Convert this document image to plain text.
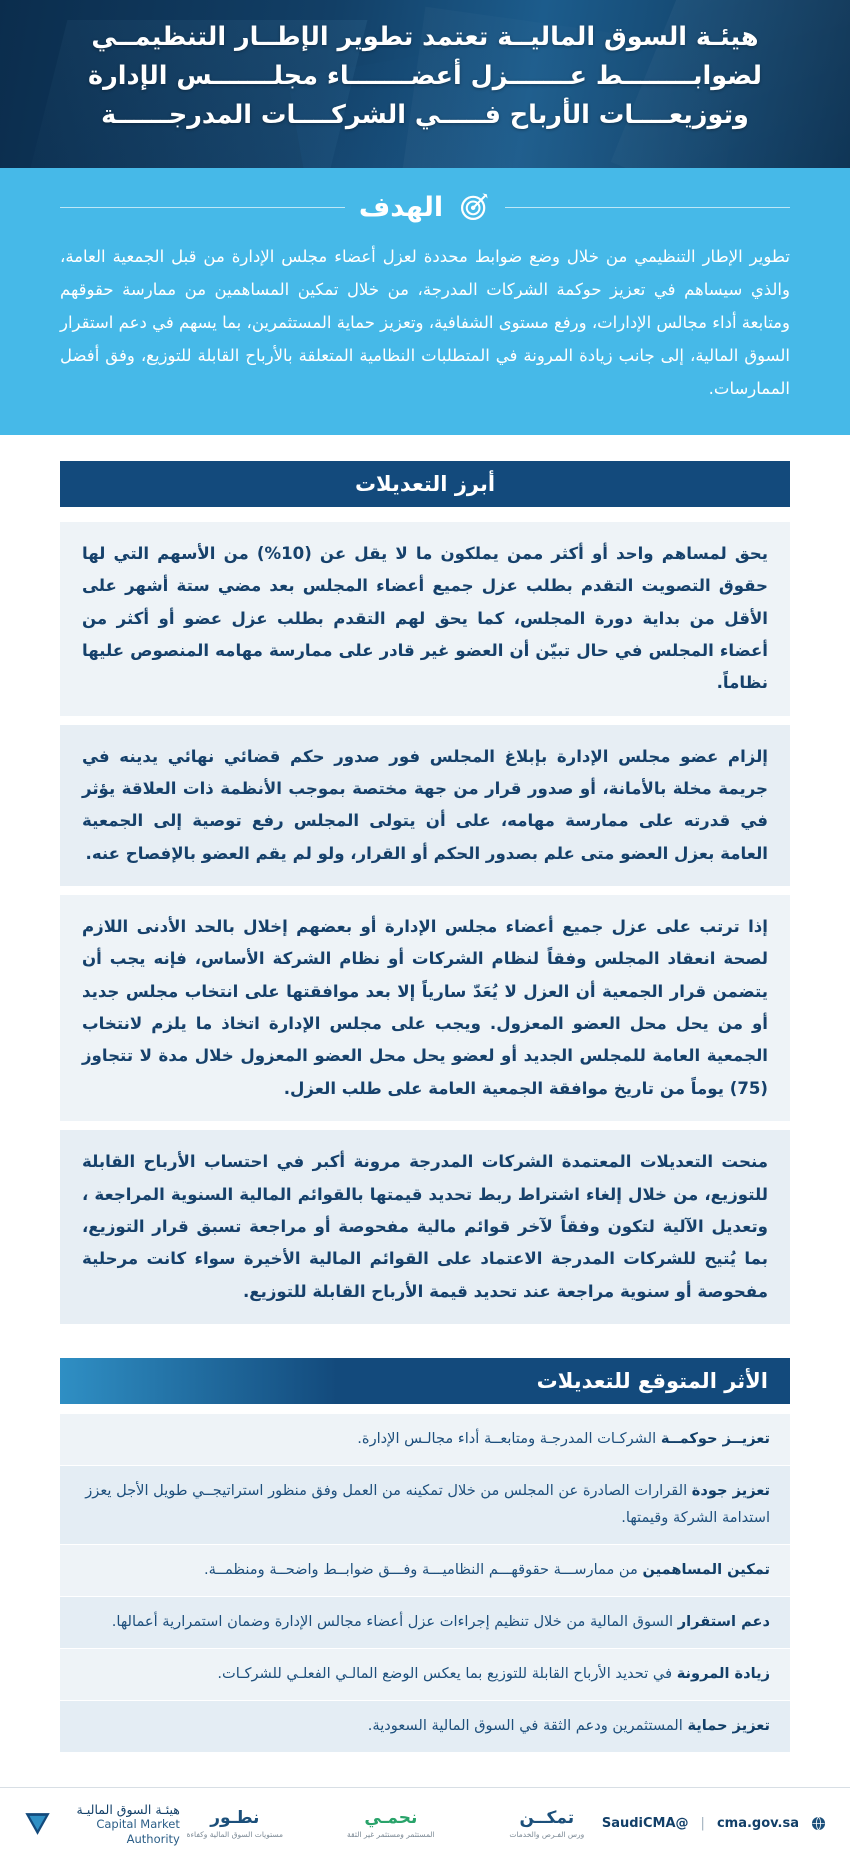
هيئـة السوق الماليــة تعتمد تطوير الإطــار التنظيمــي
لضوابــــــــط عـــــــزل أعضـــــــاء مجلـــــــس الإدارة
وتوزيعــــات الأرباح فـــــي الشركــــات المدرجــــــة
الهدف
تطوير الإطار التنظيمي من خلال وضع ضوابط محددة لعزل أعضاء مجلس الإدارة من قبل الجمعية العامة، والذي سيساهم في تعزيز حوكمة الشركات المدرجة، من خلال تمكين المساهمين من ممارسة حقوقهم ومتابعة أداء مجالس الإدارات، ورفع مستوى الشفافية، وتعزيز حماية المستثمرين، بما يسهم في دعم استقرار السوق المالية، إلى جانب زيادة المرونة في المتطلبات النظامية المتعلقة بالأرباح القابلة للتوزيع، وفق أفضل الممارسات.
أبرز التعديلات
يحق لمساهم واحد أو أكثر ممن يملكون ما لا يقل عن (10%) من الأسهم التي لها حقوق التصويت التقدم بطلب عزل جميع أعضاء المجلس بعد مضي ستة أشهر على الأقل من بداية دورة المجلس، كما يحق لهم التقدم بطلب عزل عضو أو أكثر من أعضاء المجلس في حال تبيّن أن العضو غير قادر على ممارسة مهامه المنصوص عليها نظاماً.
إلزام عضو مجلس الإدارة بإبلاغ المجلس فور صدور حكم قضائي نهائي يدينه في جريمة مخلة بالأمانة، أو صدور قرار من جهة مختصة بموجب الأنظمة ذات العلاقة يؤثر في قدرته على ممارسة مهامه، على أن يتولى المجلس رفع توصية إلى الجمعية العامة بعزل العضو متى علم بصدور الحكم أو القرار، ولو لم يقم العضو بالإفصاح عنه.
إذا ترتب على عزل جميع أعضاء مجلس الإدارة أو بعضهم إخلال بالحد الأدنى اللازم لصحة انعقاد المجلس وفقاً لنظام الشركات أو نظام الشركة الأساس، فإنه يجب أن يتضمن قرار الجمعية أن العزل لا يُعَدّ سارياً إلا بعد موافقتها على انتخاب مجلس جديد أو من يحل محل العضو المعزول. ويجب على مجلس الإدارة اتخاذ ما يلزم لانتخاب الجمعية العامة للمجلس الجديد أو لعضو يحل محل العضو المعزول خلال مدة لا تتجاوز (75) يوماً من تاريخ موافقة الجمعية العامة على طلب العزل.
منحت التعديلات المعتمدة الشركات المدرجة مرونة أكبر في احتساب الأرباح القابلة للتوزيع، من خلال إلغاء اشتراط ربط تحديد قيمتها بالقوائم المالية السنوية المراجعة ، وتعديل الآلية لتكون وفقاً لآخر قوائم مالية مفحوصة أو مراجعة تسبق قرار التوزيع، بما يُتيح للشركات المدرجة الاعتماد على القوائم المالية الأخيرة سواء كانت مرحلية مفحوصة أو سنوية مراجعة عند تحديد قيمة الأرباح القابلة للتوزيع.
الأثر المتوقع للتعديلات
تعزيــز حوكمــة الشركـات المدرجـة ومتابعــة أداء مجالـس الإدارة.
تعزيز جودة القرارات الصادرة عن المجلس من خلال تمكينه من العمل وفق منظور استراتيجــي طويل الأجل يعزز استدامة الشركة وقيمتها.
تمكين المساهمين من ممارســـة حقوقهـــم النظاميـــة وفـــق ضوابــط واضحــة ومنظمــة.
دعم استقرار السوق المالية من خلال تنظيم إجراءات عزل أعضاء مجالس الإدارة وضمان استمرارية أعمالها.
زيادة المرونة في تحديد الأرباح القابلة للتوزيع بما يعكس الوضع المالـي الفعلـي للشركـات.
تعزيز حماية المستثمرين ودعم الثقة في السوق المالية السعودية.
cma.gov.sa
|
@SaudiCMA
تمكــن
ورس الفـرص والخدمات
نحمـي
المستثمر ومستثمر غير الثقة
نطـور
مستويات السوق المالية وكفاءة
هيئـة السوق الماليـة
Capital Market Authority
